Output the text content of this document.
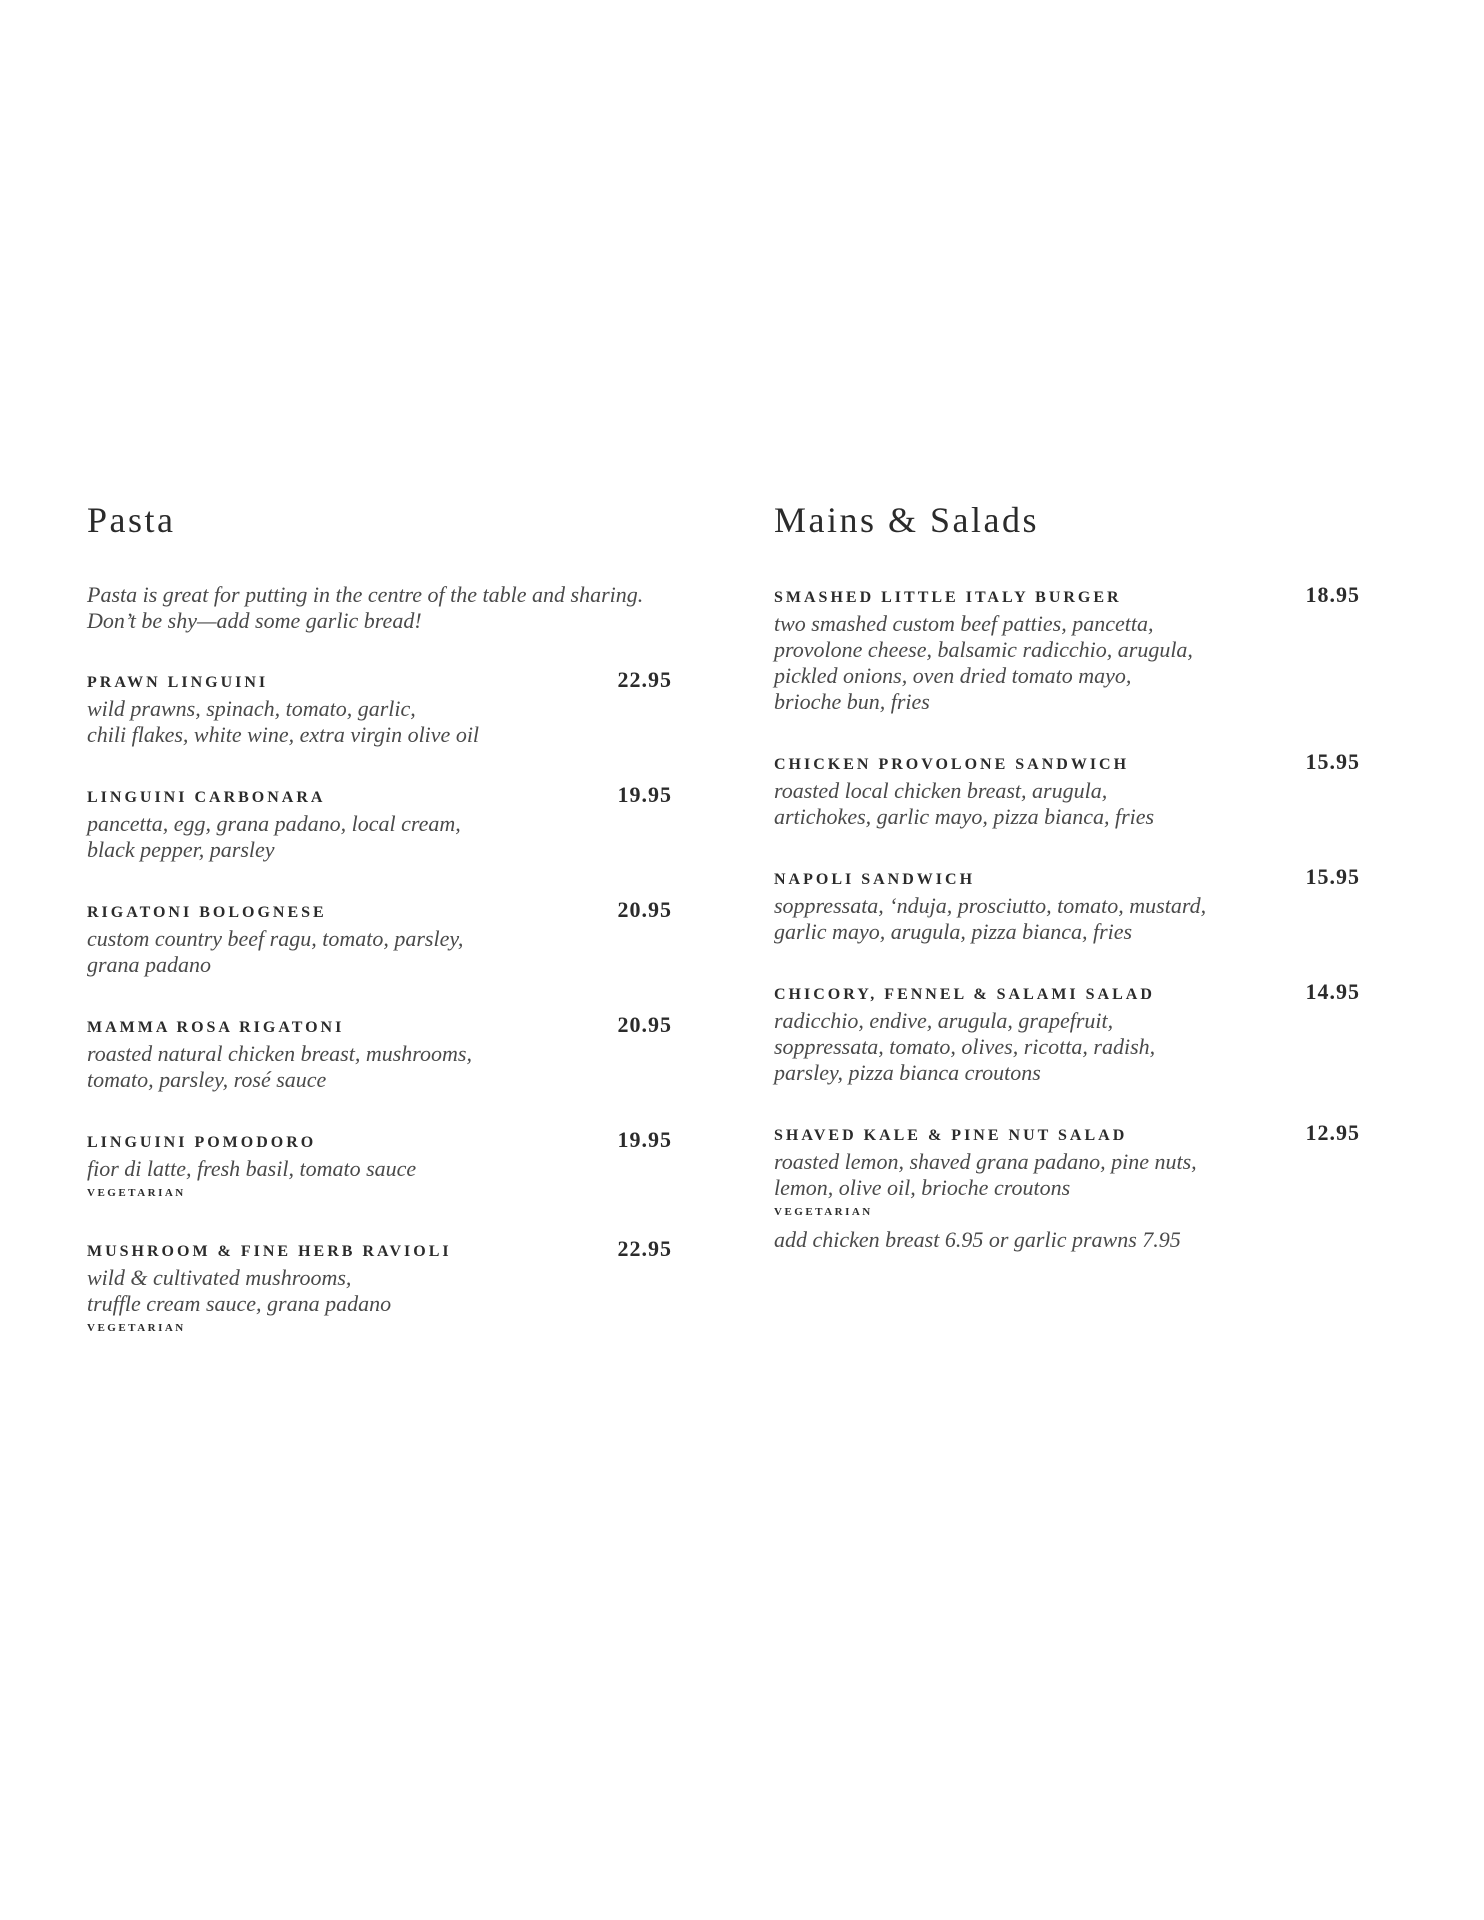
Pasta

Pasta is great for putting in the centre of the table and sharing. Don’t be shy—add some garlic bread!

PRAWN LINGUINI	22.95

wild prawns, spinach, tomato, garlic,
chili flakes, white wine, extra virgin olive oil

LINGUINI CARBONARA	19.95

pancetta, egg, grana padano, local cream,
black pepper, parsley

RIGATONI BOLOGNESE	20.95

custom country beef ragu, tomato, parsley,
grana padano

MAMMA ROSA RIGATONI	20.95

roasted natural chicken breast, mushrooms,
tomato, parsley, rosé sauce

LINGUINI POMODORO	19.95

fior di latte, fresh basil, tomato sauce

VEGETARIAN
MUSHROOM & FINE HERB RAVIOLI	22.95

wild & cultivated mushrooms,
truffle cream sauce, grana padano

VEGETARIAN
Mains & Salads
SMASHED LITTLE ITALY BURGER	18.95

two smashed custom beef patties, pancetta,
provolone cheese, balsamic radicchio, arugula,
pickled onions, oven dried tomato mayo,
brioche bun, fries

CHICKEN PROVOLONE SANDWICH	15.95

roasted local chicken breast, arugula,
artichokes, garlic mayo, pizza bianca, fries

NAPOLI SANDWICH	15.95

soppressata, ‘nduja, prosciutto, tomato, mustard,
garlic mayo, arugula, pizza bianca, fries

CHICORY, FENNEL & SALAMI SALAD	14.95

radicchio, endive, arugula, grapefruit,
soppressata, tomato, olives, ricotta, radish,
parsley, pizza bianca croutons

SHAVED KALE & PINE NUT SALAD	12.95

roasted lemon, shaved grana padano, pine nuts,
lemon, olive oil, brioche croutons

VEGETARIAN
add chicken breast 6.95 or garlic prawns 7.95
